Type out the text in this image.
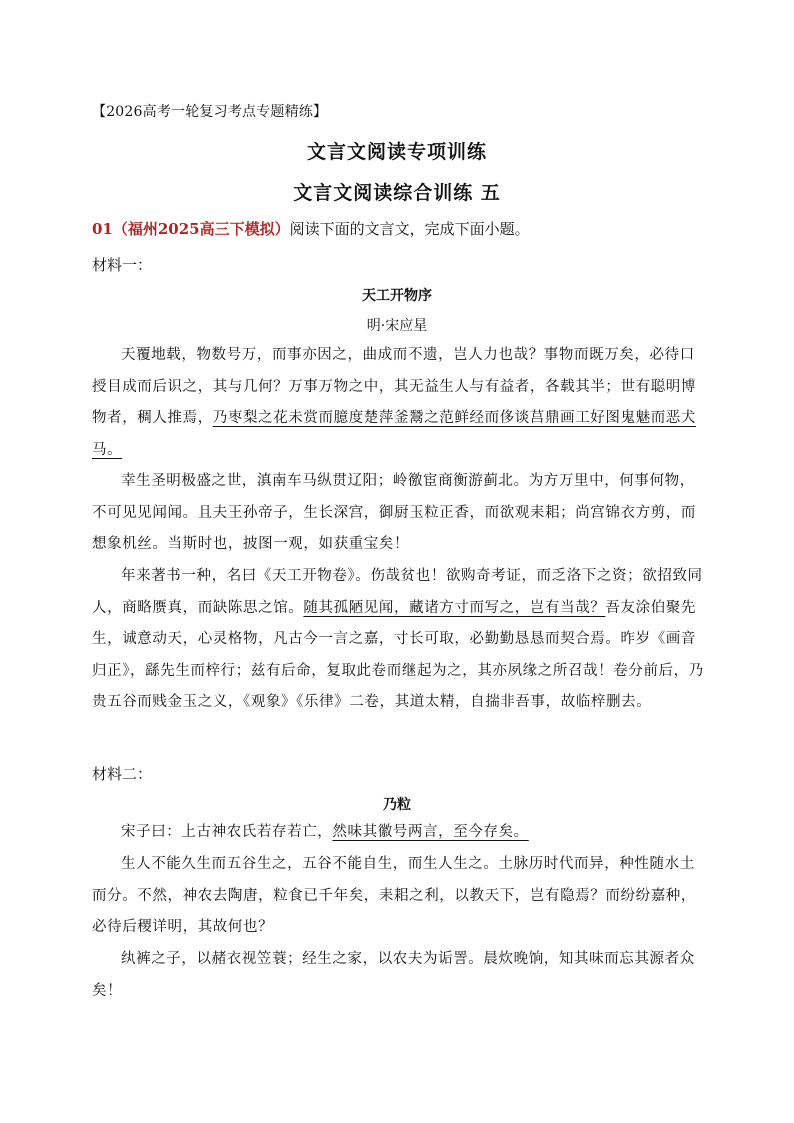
【2026高考一轮复习考点专题精练】
文言文阅读专项训练
文言文阅读综合训练 五
01（福州2025高三下模拟）阅读下面的文言文，完成下面小题。
材料一：
天工开物序
明·宋应星
天覆地载，物数号万，而事亦因之，曲成而不遗，岂人力也哉？事物而既万矣，必待口授目成而后识之，其与几何？万事万物之中，其无益生人与有益者，各载其半；世有聪明博物者，稠人推焉，乃枣梨之花未赏而臆度楚萍釜鬵之范鲜经而侈谈莒鼎画工好图鬼魅而恶犬马。
幸生圣明极盛之世，滇南车马纵贯辽阳；岭徼宦商衡游蓟北。为方万里中，何事何物，不可见见闻闻。且夫王孙帝子，生长深宫，御厨玉粒正香，而欲观耒耜；尚宫锦衣方剪，而想象机丝。当斯时也，披图一观，如获重宝矣！
年来著书一种，名曰《天工开物卷》。伤哉贫也！欲购奇考证，而乏洛下之资；欲招致同人，商略赝真，而缺陈思之馆。随其孤陋见闻，藏诸方寸而写之，岂有当哉？吾友涂伯聚先生，诚意动天，心灵格物，凡古今一言之嘉，寸长可取，必勤勤恳恳而契合焉。昨岁《画音归正》，繇先生而梓行；兹有后命，复取此卷而继起为之，其亦夙缘之所召哉！卷分前后，乃贵五谷而贱金玉之义，《观象》《乐律》二卷，其道太精，自揣非吾事，故临梓删去。
材料二：
乃粒
宋子曰：上古神农氏若存若亡，然味其徽号两言，至今存矣。
生人不能久生而五谷生之，五谷不能自生，而生人生之。土脉历时代而异，种性随水土而分。不然，神农去陶唐，粒食已千年矣，耒耜之利，以教天下，岂有隐焉？而纷纷嘉种，必待后稷详明，其故何也？
纨裤之子，以赭衣视笠蓑；经生之家，以农夫为诟詈。晨炊晚饷，知其味而忘其源者众矣！
